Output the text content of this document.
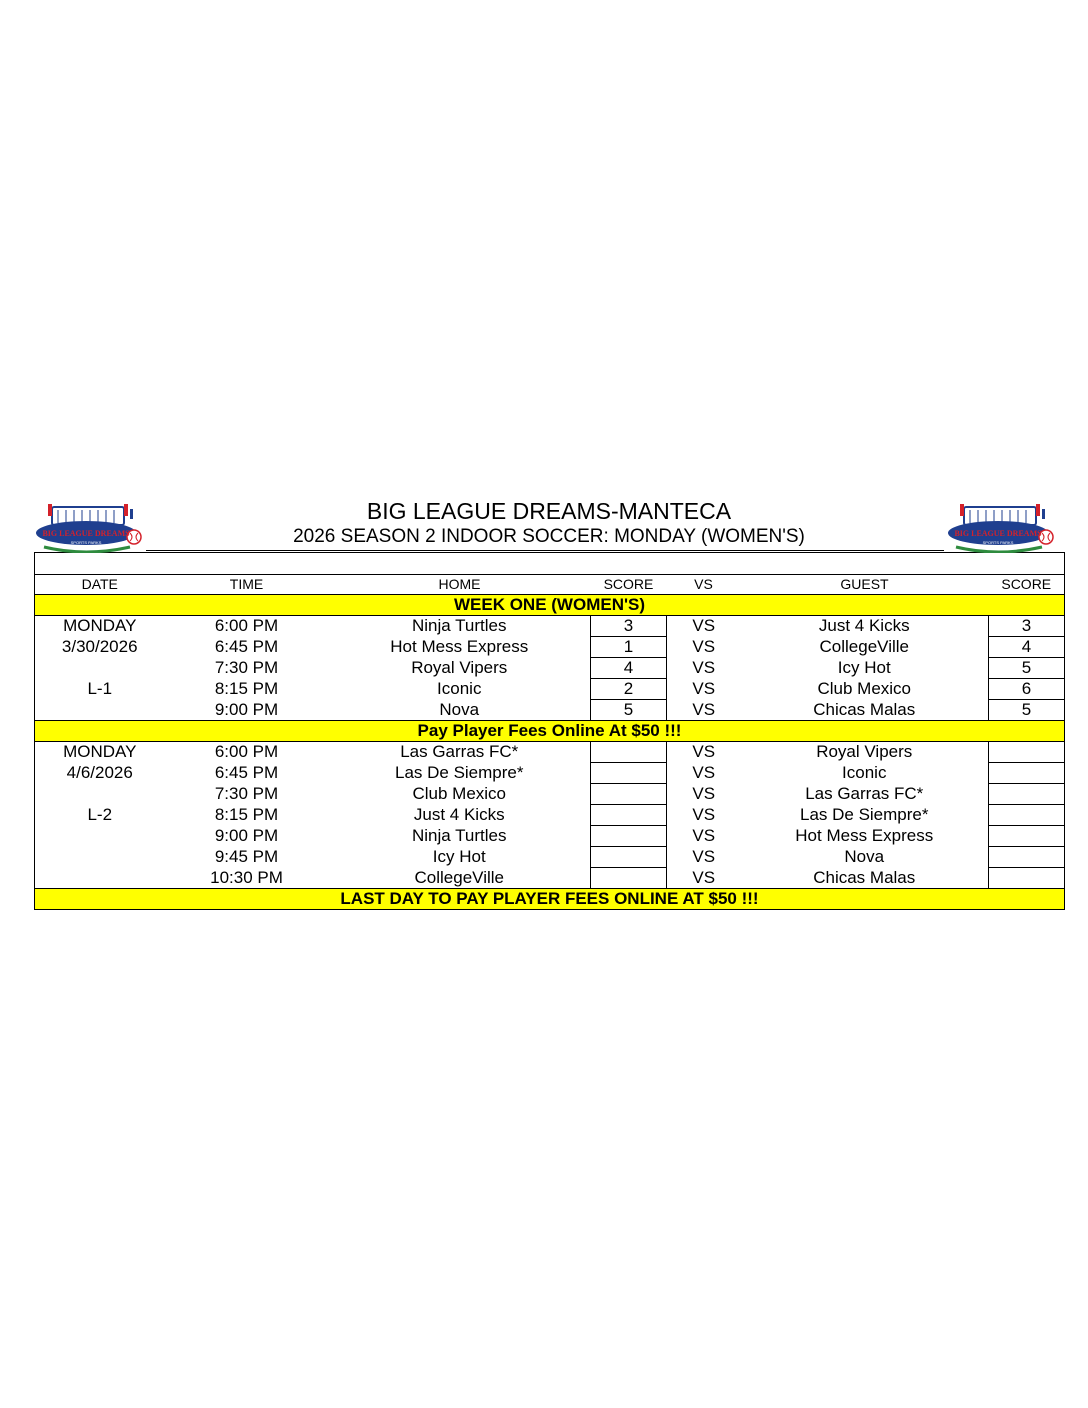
BIG LEAGUE DREAMS
SPORTS PARKS
BIG LEAGUE DREAMS-MANTECA
2026 SEASON 2 INDOOR SOCCER: MONDAY (WOMEN'S)	BIG LEAGUE DREAMS
SPORTS PARKS

DATE	TIME	HOME	SCORE	VS	GUEST	SCORE
WEEK ONE (WOMEN'S)						
MONDAY	6:00 PM	Ninja Turtles	3	VS	Just 4 Kicks	3
3/30/2026	6:45 PM	Hot Mess Express	1	VS	CollegeVille	4
	7:30 PM	Royal Vipers	4	VS	Icy Hot	5
L-1	8:15 PM	Iconic	2	VS	Club Mexico	6
	9:00 PM	Nova	5	VS	Chicas Malas	5
Pay Player Fees Online At $50 !!!						
MONDAY	6:00 PM	Las Garras FC*		VS	Royal Vipers	
4/6/2026	6:45 PM	Las De Siempre*		VS	Iconic	
	7:30 PM	Club Mexico		VS	Las Garras FC*	
L-2	8:15 PM	Just 4 Kicks		VS	Las De Siempre*	
	9:00 PM	Ninja Turtles		VS	Hot Mess Express	
	9:45 PM	Icy Hot		VS	Nova	
	10:30 PM	CollegeVille		VS	Chicas Malas	
LAST DAY TO PAY PLAYER FEES ONLINE AT $50 !!!						
